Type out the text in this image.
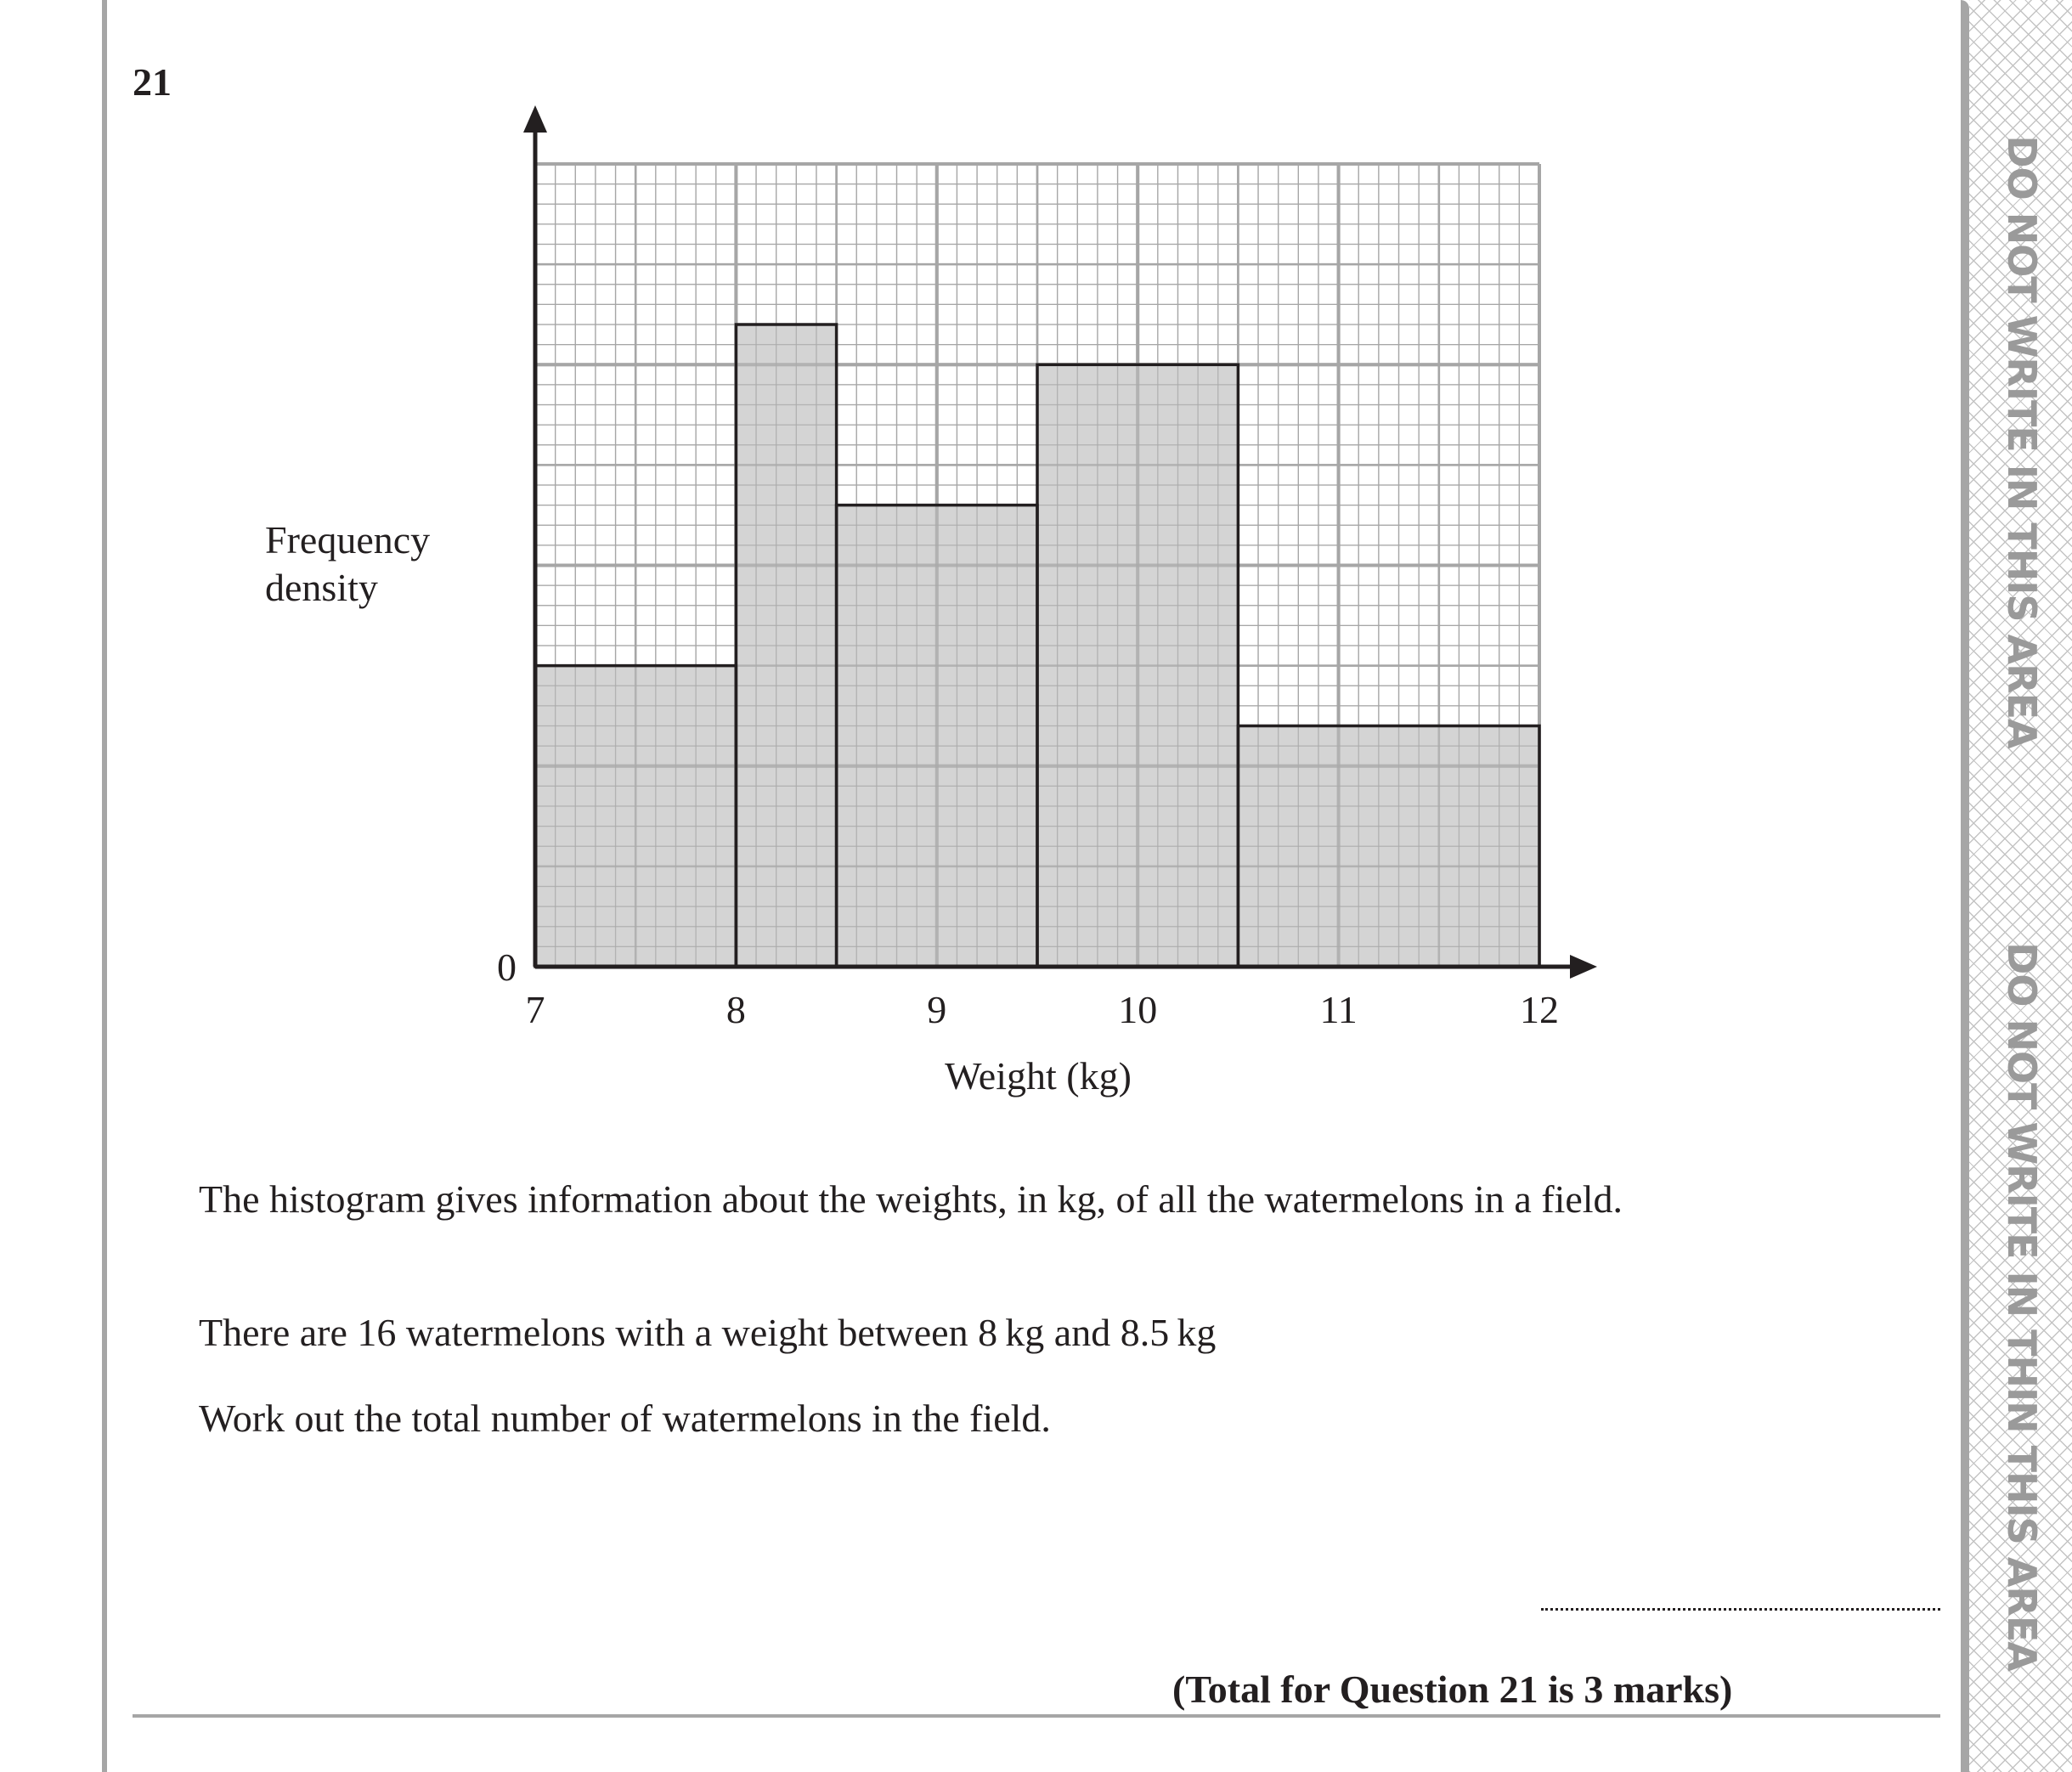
DO NOT WRITE IN THIS AREA
DO NOT WRITE IN THIN THIS AREA
21
Frequency
density
7	8	9	10	11	12
0
Weight (kg)
The histogram gives information about the weights, in kg, of all the watermelons in a field.
There are 16 watermelons with a weight between 8 kg and 8.5 kg
Work out the total number of watermelons in the field.
(Total for Question 21 is 3 marks)
